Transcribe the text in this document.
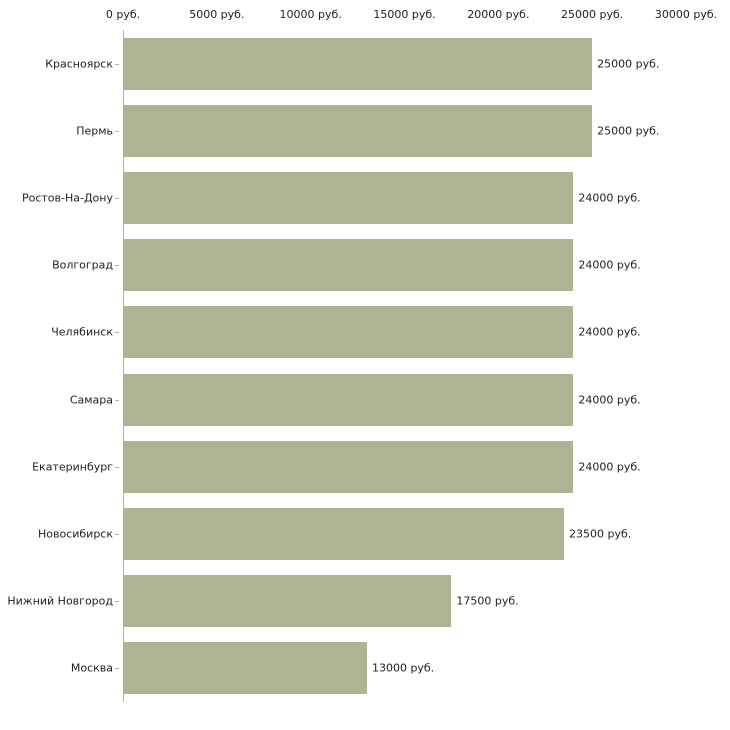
0 руб.	5000 руб.	10000 руб.	15000 руб.	20000 руб.	25000 руб.	30000 руб.
Красноярск
Пермь
Ростов-На-Дону
Волгоград
Челябинск
Самара
Екатеринбург
Новосибирск
Нижний Новгород
Москва
25000 руб.
25000 руб.
24000 руб.
24000 руб.
24000 руб.
24000 руб.
24000 руб.
23500 руб.
17500 руб.
13000 руб.
